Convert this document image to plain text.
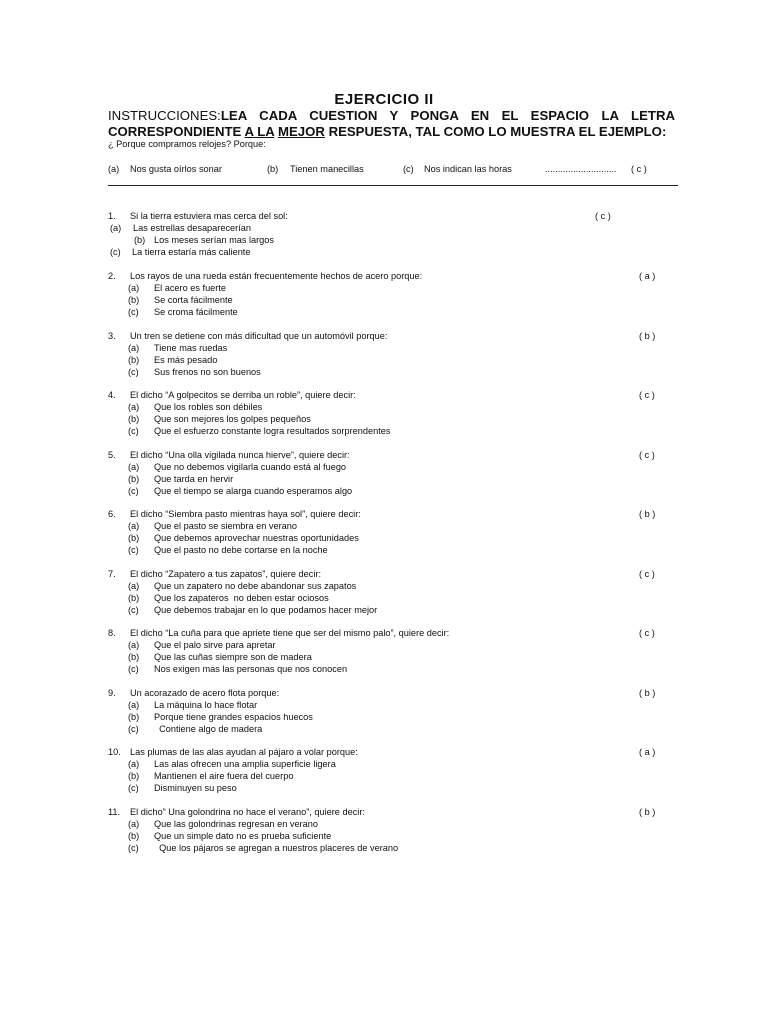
EJERCICIO II
INSTRUCCIONES:LEA CADA CUESTION Y PONGA EN EL ESPACIO LA LETRA
CORRESPONDIENTE A LA MEJOR RESPUESTA, TAL COMO LO MUESTRA EL EJEMPLO:
¿ Porque compramos relojes? Porque:
(a) Nos gusta oírlos sonar	(b) Tienen manecillas	(c) Nos indican las horas	............................ ( c )
1. Si la tierra estuviera mas cerca del sol:	( c )
(a) Las estrellas desaparecerían
(b) Los meses serían mas largos
(c) La tierra estaría más caliente
2. Los rayos de una rueda están frecuentemente hechos de acero porque:	( a )
(a) El acero es fuerte
(b) Se corta fácilmente
(c) Se croma fácilmente
3. Un tren se detiene con más dificultad que un automóvil porque:	( b )
(a) Tiene mas ruedas
(b) Es más pesado
(c) Sus frenos no son buenos
4. El dicho “A golpecitos se derriba un roble”, quiere decir:	( c )
(a) Que los robles son débiles
(b) Que son mejores los golpes pequeños
(c) Que el esfuerzo constante logra resultados sorprendentes
5. El dicho “Una olla vigilada nunca hierve”, quiere decir:	( c )
(a) Que no debemos vigilarla cuando está al fuego
(b) Que tarda en hervir
(c) Que el tiempo se alarga cuando esperamos algo
6. El dicho “Siembra pasto mientras haya sol”, quiere decir:	( b )
(a) Que el pasto se siembra en verano
(b) Que debemos aprovechar nuestras oportunidades
(c) Que el pasto no debe cortarse en la noche
7. El dicho “Zapatero a tus zapatos”, quiere decir:	( c )
(a) Que un zapatero no debe abandonar sus zapatos
(b) Que los zapateros  no deben estar ociosos
(c) Que debemos trabajar en lo que podamos hacer mejor
8. El dicho “La cuña para que apriete tiene que ser del mismo palo”, quiere decir:	( c )
(a) Que el palo sirve para apretar
(b) Que las cuñas siempre son de madera
(c) Nos exigen mas las personas que nos conocen
9. Un acorazado de acero flota porque:	( b )
(a) La máquina lo hace flotar
(b) Porque tiene grandes espacios huecos
(c) Contiene algo de madera
10. Las plumas de las alas ayudan al pájaro a volar porque:	( a )
(a) Las alas ofrecen una amplia superficie ligera
(b) Mantienen el aire fuera del cuerpo
(c) Disminuyen su peso
11. El dicho” Una golondrina no hace el verano”, quiere decir:	( b )
(a) Que las golondrinas regresan en verano
(b) Que un simple dato no es prueba suficiente
(c) Que los pájaros se agregan a nuestros placeres de verano
